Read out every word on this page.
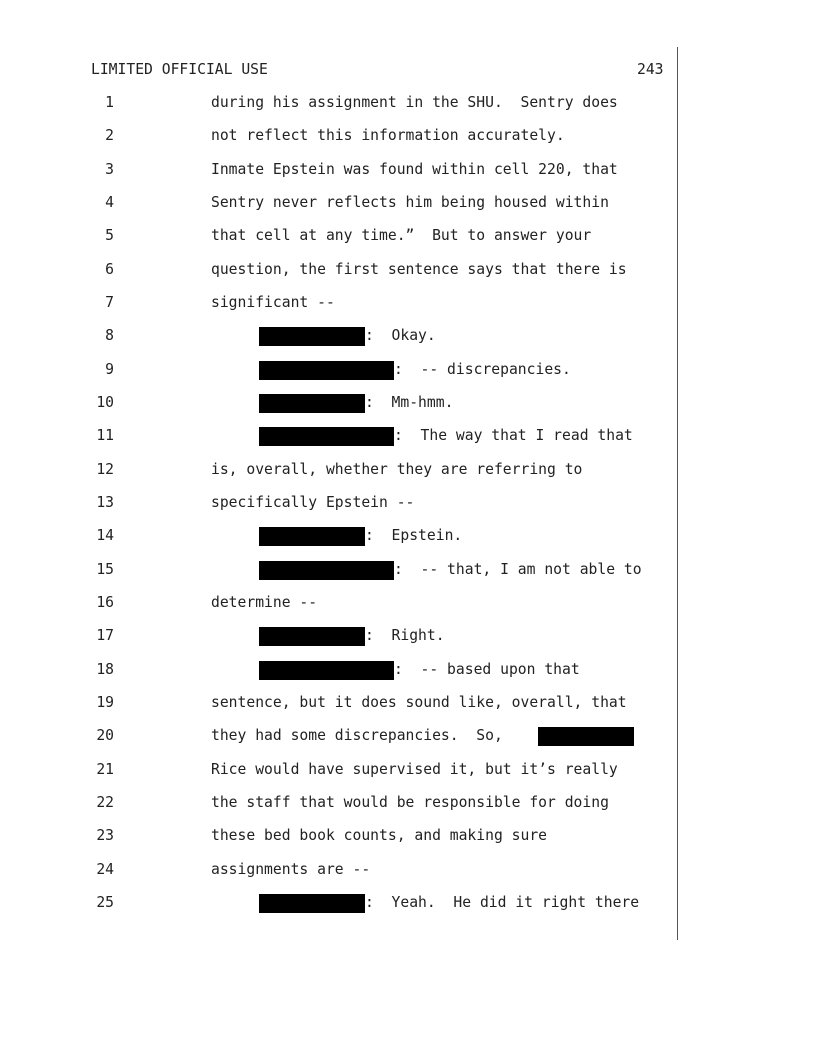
LIMITED OFFICIAL USE	243
1
2
3
4
5
6
7
8
9
10
11
12
13
14
15
16
17
18
19
20
21
22
23
24
25
during his assignment in the SHU.  Sentry does
not reflect this information accurately.
Inmate Epstein was found within cell 220, that
Sentry never reflects him being housed within
that cell at any time.”  But to answer your
question, the first sentence says that there is
significant --
:  Okay.
:  -- discrepancies.
:  Mm-hmm.
:  The way that I read that
is, overall, whether they are referring to
specifically Epstein --
:  Epstein.
:  -- that, I am not able to
determine --
:  Right.
:  -- based upon that
sentence, but it does sound like, overall, that
they had some discrepancies.  So,
Rice would have supervised it, but it’s really
the staff that would be responsible for doing
these bed book counts, and making sure
assignments are --
:  Yeah.  He did it right there
